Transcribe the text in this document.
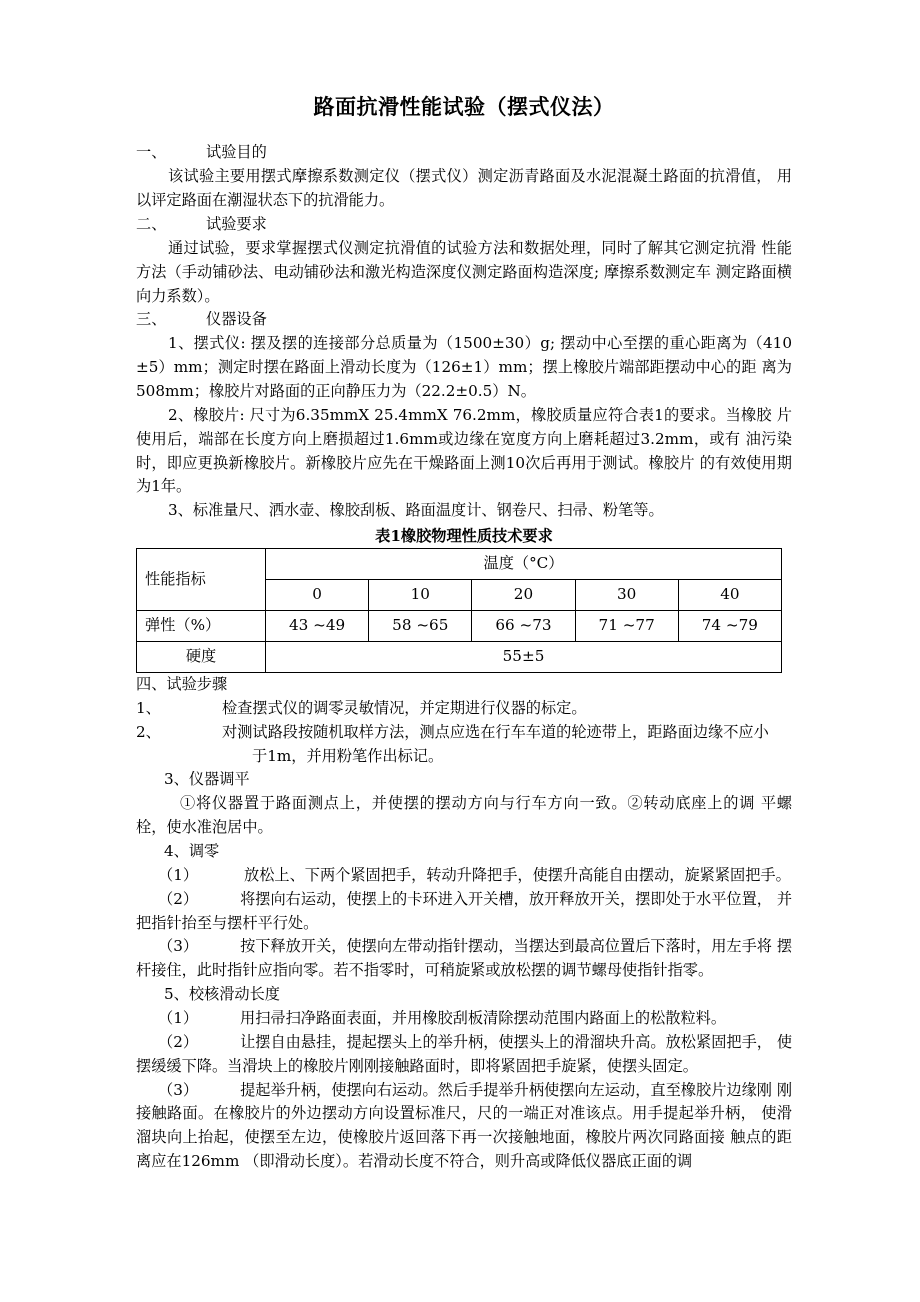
路面抗滑性能试验（摆式仪法）
一、	试验目的

该试验主要用摆式摩擦系数测定仪（摆式仪）测定沥青路面及水泥混凝土路面的抗滑值， 用以评定路面在潮湿状态下的抗滑能力。

二、	试验要求

通过试验，要求掌握摆式仪测定抗滑值的试验方法和数据处理，同时了解其它测定抗滑 性能方法（手动铺砂法、电动铺砂法和激光构造深度仪测定路面构造深度; 摩擦系数测定车 测定路面横向力系数）。

三、	仪器设备

1、摆式仪: 摆及摆的连接部分总质量为（1500±30）g; 摆动中心至摆的重心距离为（410 ±5）mm；测定时摆在路面上滑动长度为（126±1）mm；摆上橡胶片端部距摆动中心的距 离为508mm；橡胶片对路面的正向静压力为（22.2±0.5）N。

2、橡胶片: 尺寸为6.35mmX 25.4mmX 76.2mm，橡胶质量应符合表1的要求。当橡胶 片使用后，端部在长度方向上磨损超过1.6mm或边缘在宽度方向上磨耗超过3.2mm，或有 油污染时，即应更换新橡胶片。新橡胶片应先在干燥路面上测10次后再用于测试。橡胶片 的有效使用期为1年。

3、标准量尺、洒水壶、橡胶刮板、路面温度计、钢卷尺、扫帚、粉笔等。

表1橡胶物理性质技术要求
性能指标	温度（°C）				
	0	10	20	30	40
弹性（%）	43 ~49	58 ~65	66 ~73	71 ~77	74 ~79
硬度	55±5				

四、试验步骤

1、	检查摆式仪的调零灵敏情况，并定期进行仪器的标定。
2、	对测试路段按随机取样方法，测点应选在行车车道的轮迹带上，距路面边缘不应小

于1m，并用粉笔作出标记。

3、仪器调平

①将仪器置于路面测点上，并使摆的摆动方向与行车方向一致。②转动底座上的调 平螺栓，使水准泡居中。

4、调零

（1）	放松上、下两个紧固把手，转动升降把手，使摆升高能自由摆动，旋紧紧固把手。

（2）	将摆向右运动，使摆上的卡环进入开关槽，放开释放开关，摆即处于水平位置， 并把指针抬至与摆杆平行处。

（3）	按下释放开关，使摆向左带动指针摆动，当摆达到最高位置后下落时，用左手将 摆杆接住，此时指针应指向零。若不指零时，可稍旋紧或放松摆的调节螺母使指针指零。

5、校核滑动长度

（1）	用扫帚扫净路面表面，并用橡胶刮板清除摆动范围内路面上的松散粒料。

（2）	让摆自由悬挂，提起摆头上的举升柄，使摆头上的滑溜块升高。放松紧固把手， 使摆缓缓下降。当滑块上的橡胶片刚刚接触路面时，即将紧固把手旋紧，使摆头固定。

（3）	提起举升柄，使摆向右运动。然后手提举升柄使摆向左运动，直至橡胶片边缘刚 刚接触路面。在橡胶片的外边摆动方向设置标准尺，尺的一端正对准该点。用手提起举升柄， 使滑溜块向上抬起，使摆至左边，使橡胶片返回落下再一次接触地面，橡胶片两次同路面接 触点的距离应在126mm （即滑动长度）。若滑动长度不符合，则升高或降低仪器底正面的调
